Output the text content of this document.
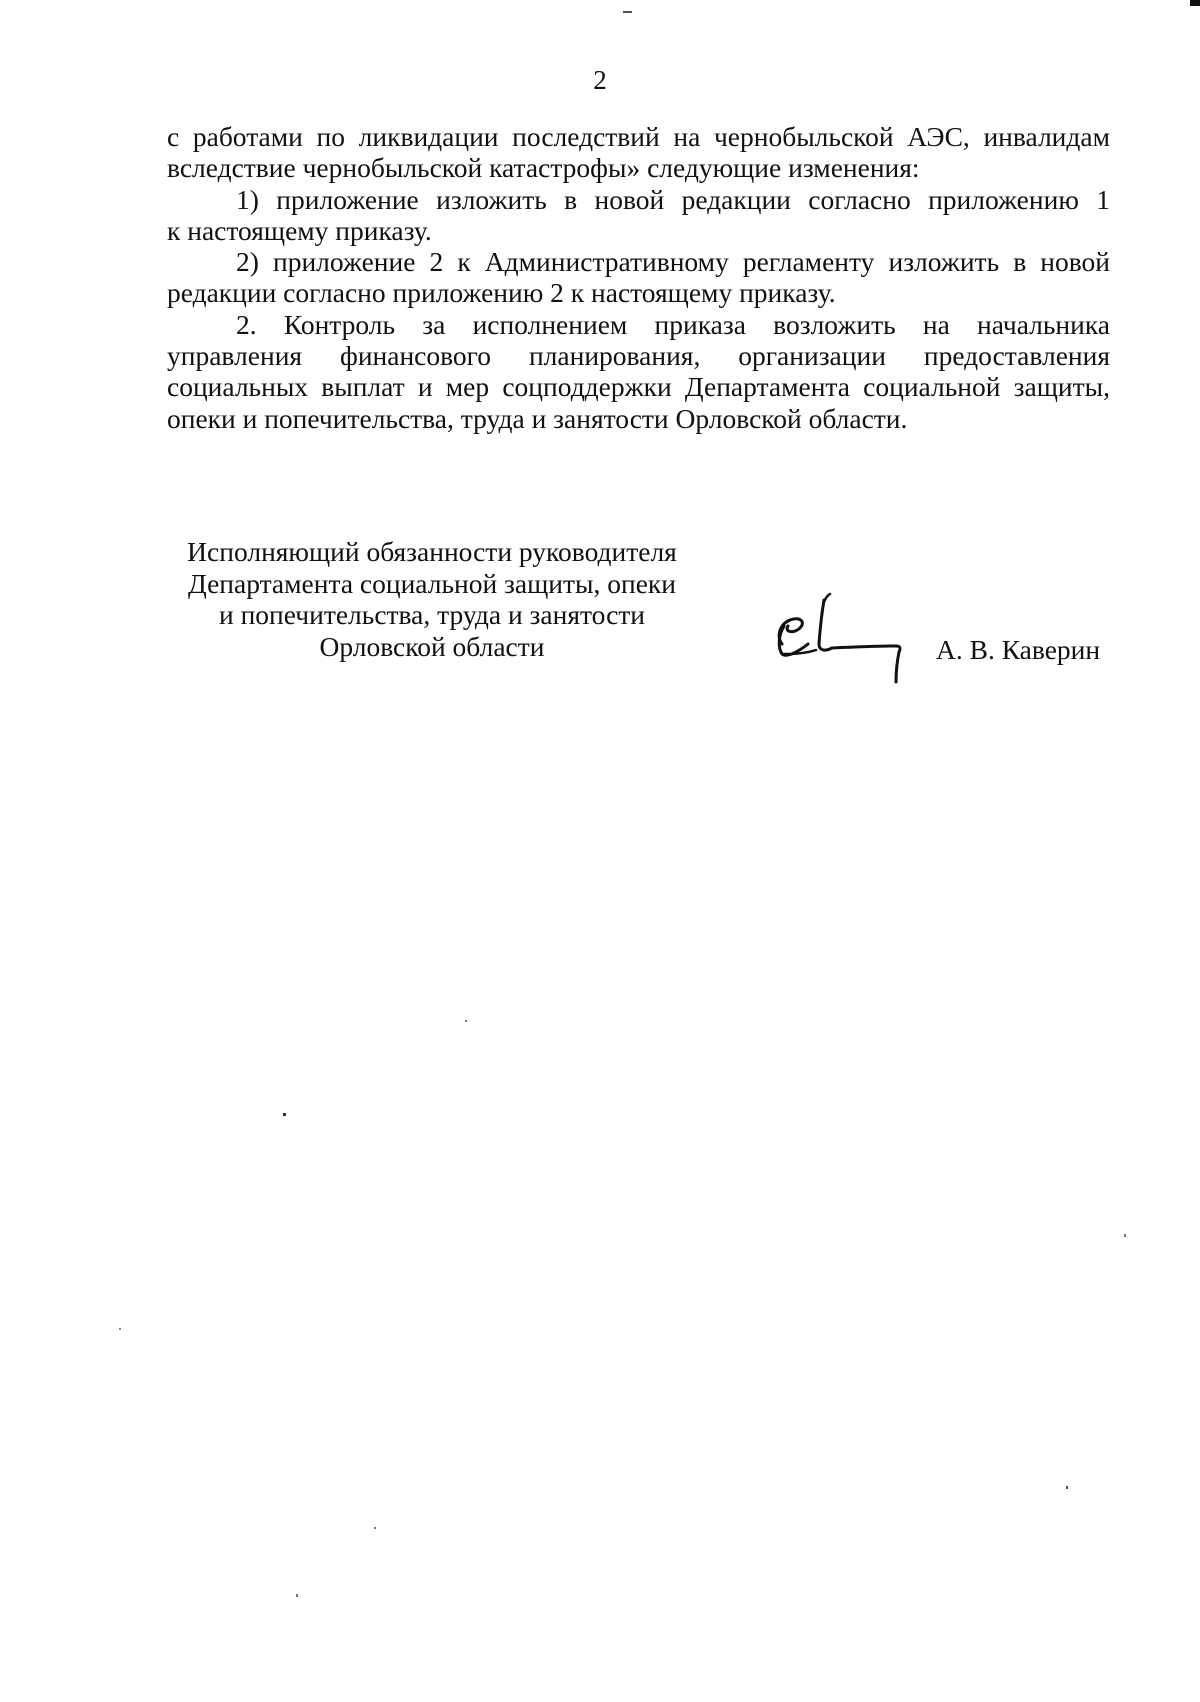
2

с работами по ликвидации последствий на чернобыльской АЭС, инвалидам

вследствие чернобыльской катастрофы» следующие изменения:

1) приложение изложить в новой редакции согласно приложению 1

к настоящему приказу.

2) приложение 2 к Административному регламенту изложить в новой

редакции согласно приложению 2 к настоящему приказу.

2. Контроль за исполнением приказа возложить на начальника

управления финансового планирования, организации предоставления

социальных выплат и мер соцподдержки Департамента социальной защиты,

опеки и попечительства, труда и занятости Орловской области.

Исполняющий обязанности руководителя
Департамента социальной защиты, опеки
и попечительства, труда и занятости
Орловской области	А. В. Каверин
